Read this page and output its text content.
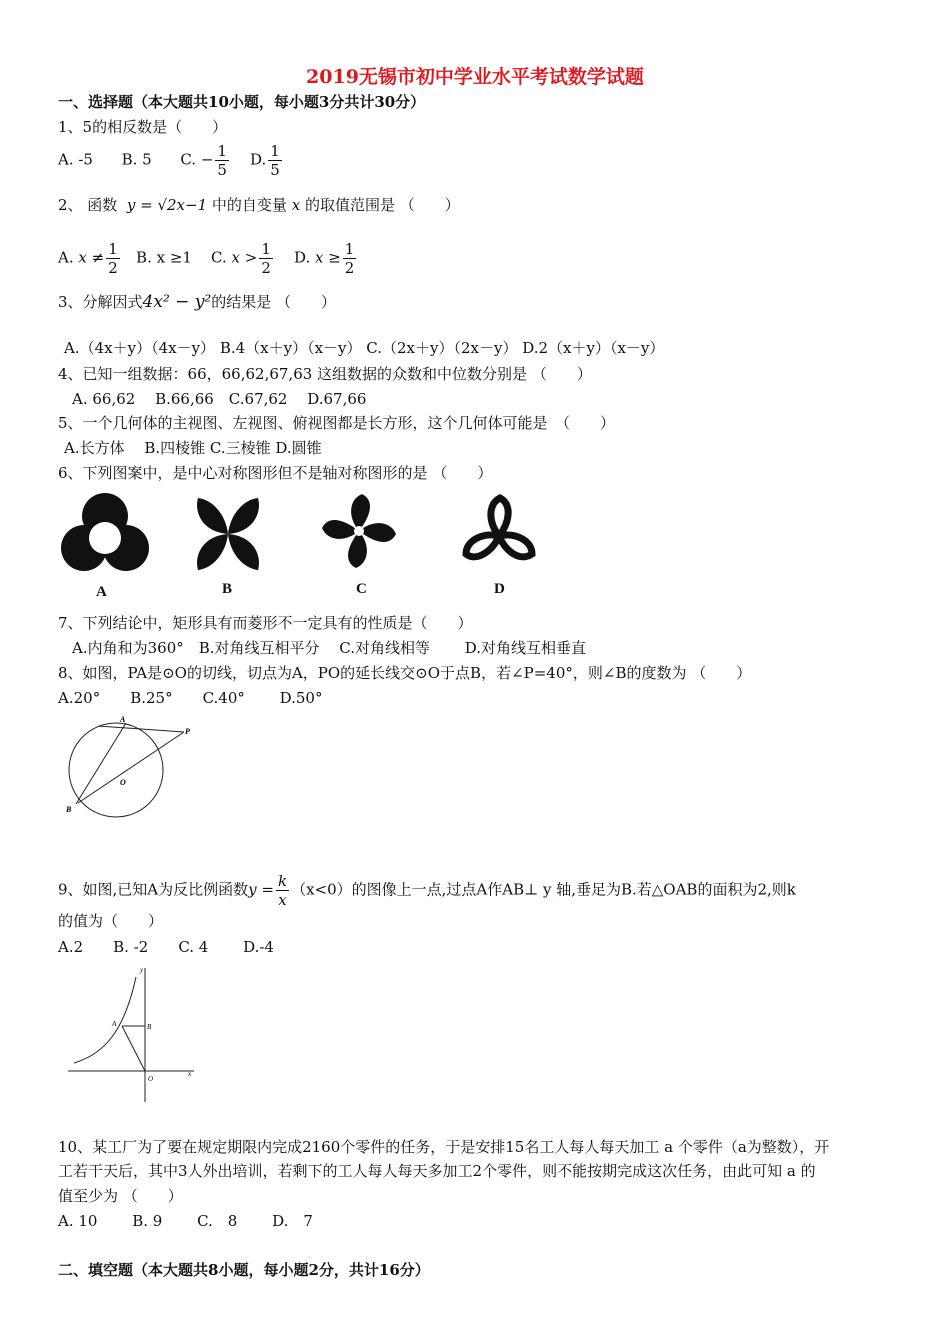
2019无锡市初中学业水平考试数学试题
一、选择题（本大题共10小题，每小题3分共计30分）
1、5的相反数是（　　）
A. -5 B. 5 C. − $\frac{1}{5} D$. $\frac{1}{5}$
2、 函数 y = √2x−1 中的自变量 x 的取值范围是 （　　）
A. $x \ne \frac{1}{2} B$. x ≥1 C. $x > \frac{1}{2} D$. $x \ge \frac{1}{2}$
3、分解因式4x² − y²的结果是 （　　）
A.（4x＋y）（4x－y） B.4（x＋y）（x－y） C.（2x＋y）（2x－y） D.2（x＋y）（x－y）
4、已知一组数据：66，66,62,67,63 这组数据的众数和中位数分别是 （　　）
A. 66,62　 B.66,66　C.67,62　 D.67,66
5、一个几何体的主视图、左视图、俯视图都是长方形，这个几何体可能是　（　　）
A.长方体　 B.四棱锥 C.三棱锥 D.圆锥
6、下列图案中，是中心对称图形但不是轴对称图形的是 （　　）
A	B	C	D
7、下列结论中，矩形具有而菱形不一定具有的性质是（　　）
A.内角和为360°　B.对角线互相平分　 C.对角线相等　　 D.对角线互相垂直
8、如图，PA是⊙O的切线，切点为A，PO的延长线交⊙O于点B，若∠P=40°，则∠B的度数为 （　　）
A.20°　　B.25°　　C.40°　　 D.50°
A
P
O
B
9、如图,已知A为反比例函数$y = \frac{k}{x} (x<0)$的图像上一点,过点A作AB⊥ y 轴,垂足为B.若△OAB的面积为2,则k
的值为（　　）
A.2　　B. -2　　C. 4　　 D.-4
y
A	B
O
x
10、某工厂为了要在规定期限内完成2160个零件的任务，于是安排15名工人每人每天加工 a 个零件（a为整数），开
工若干天后，其中3人外出培训，若剩下的工人每人每天多加工2个零件，则不能按期完成这次任务，由此可知 a 的
值至少为 （　　）
A. 10　　 B. 9　　 C.　8　　 D.　7
二、填空题（本大题共8小题，每小题2分，共计16分）
